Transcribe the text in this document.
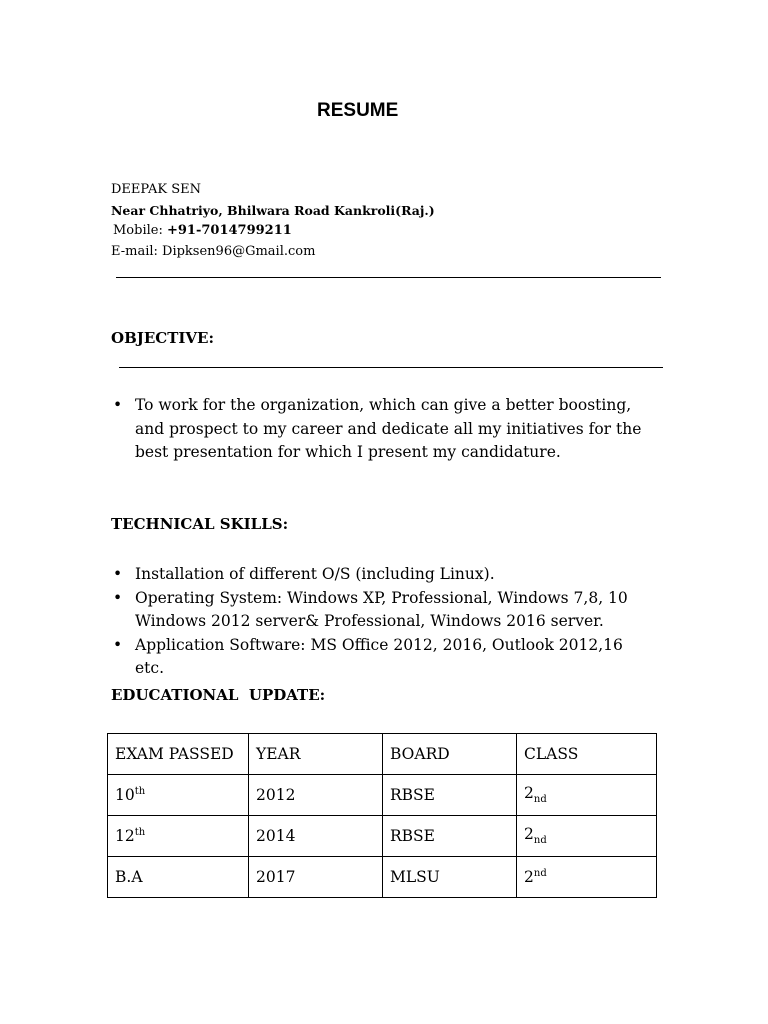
RESUME
DEEPAK SEN
Near Chhatriyo, Bhilwara Road Kankroli(Raj.)
Mobile: +91-7014799211
E-mail: Dipksen96@Gmail.com
OBJECTIVE:
• To work for the organization, which can give a better boosting, and prospect to my career and dedicate all my initiatives for the best presentation for which I present my candidature.
TECHNICAL SKILLS:
• Installation of different O/S (including Linux).
• Operating System: Windows XP, Professional, Windows 7,8, 10 Windows 2012 server& Professional, Windows 2016 server.
• Application Software: MS Office 2012, 2016, Outlook 2012,16 etc.
EDUCATIONAL  UPDATE:
EXAM PASSED	YEAR	BOARD	CLASS
10th	2012	RBSE	$2_{nd}$
12th	2014	RBSE	$2_{nd}$
B.A	2017	MLSU	2nd
